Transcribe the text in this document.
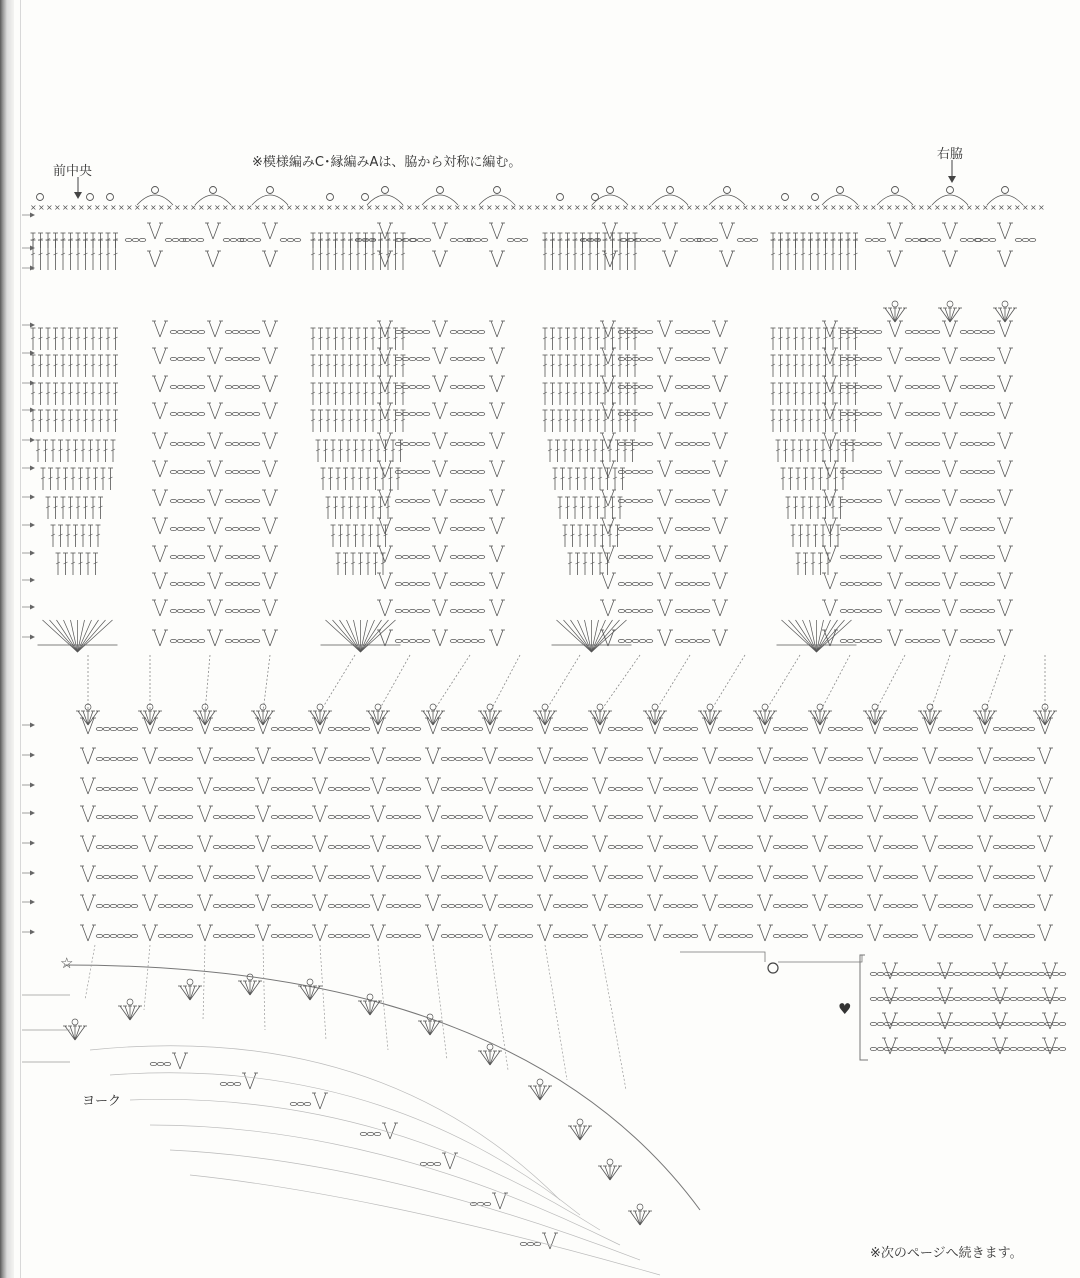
× × × × × × × × × × × × × × × × × × × × × × × × × × × × × × × × × × × × × × × × × × × × × × × × × × × × × × × × × × × × × × × × × × × × × × × × × × × × × × × × × × × × × × × × × × × × × × × × × × × × × × × × × × × × × × × × × × × × × × × × × × × × × × ×
☆
♥
前中央
※模様編みC･縁編みAは、脇から対称に編む。
右脇
ヨーク
※次のページへ続きます。
